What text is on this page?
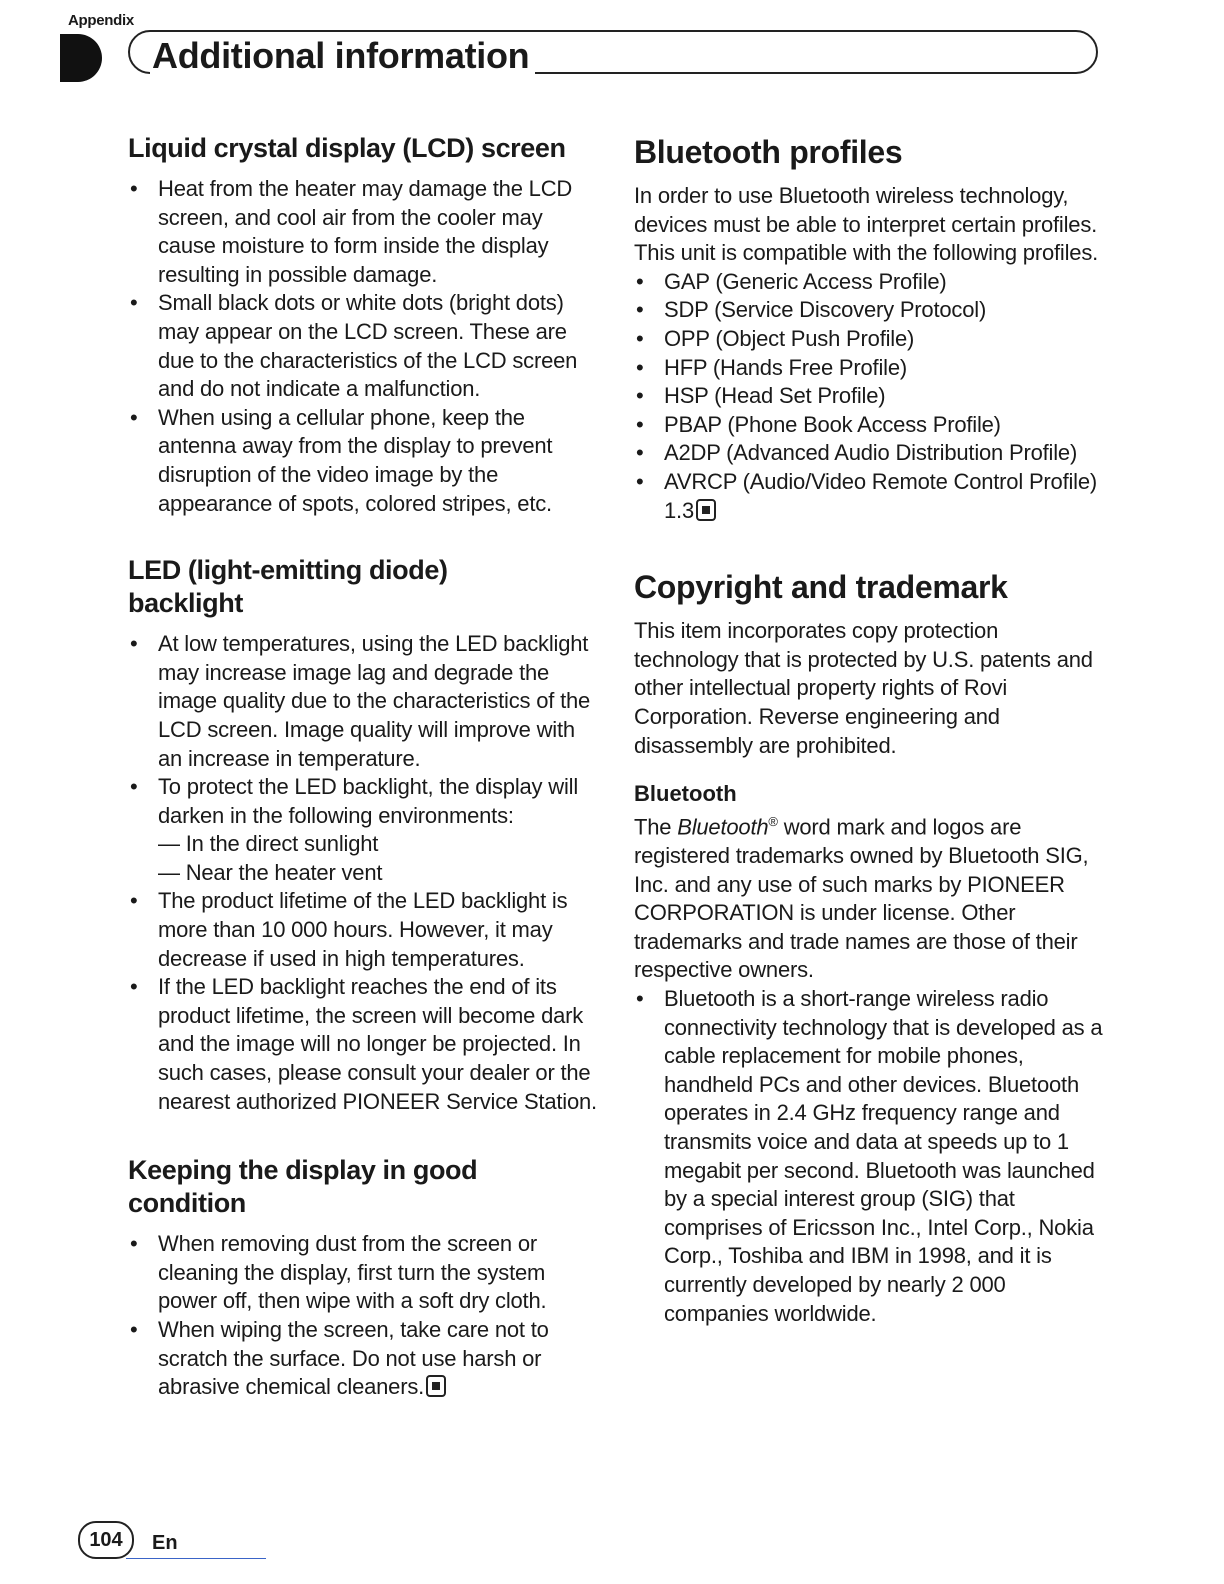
Appendix
Additional information
Liquid crystal display (LCD) screen
• Heat from the heater may damage the LCD screen, and cool air from the cooler may cause moisture to form inside the display resulting in possible damage.
• Small black dots or white dots (bright dots) may appear on the LCD screen. These are due to the characteristics of the LCD screen and do not indicate a malfunction.
• When using a cellular phone, keep the antenna away from the display to prevent disruption of the video image by the appearance of spots, colored stripes, etc.
LED (light-emitting diode) backlight
• At low temperatures, using the LED backlight may increase image lag and degrade the image quality due to the characteristics of the LCD screen. Image quality will improve with an increase in temperature.
• To protect the LED backlight, the display will darken in the following environments:
— In the direct sunlight
— Near the heater vent
• The product lifetime of the LED backlight is more than 10 000 hours. However, it may decrease if used in high temperatures.
• If the LED backlight reaches the end of its product lifetime, the screen will become dark and the image will no longer be projected. In such cases, please consult your dealer or the nearest authorized PIONEER Service Station.
Keeping the display in good condition
• When removing dust from the screen or cleaning the display, first turn the system power off, then wipe with a soft dry cloth.
• When wiping the screen, take care not to scratch the surface. Do not use harsh or abrasive chemical cleaners.
Bluetooth profiles

In order to use Bluetooth wireless technology, devices must be able to interpret certain profiles. This unit is compatible with the following profiles.

• GAP (Generic Access Profile)
• SDP (Service Discovery Protocol)
• OPP (Object Push Profile)
• HFP (Hands Free Profile)
• HSP (Head Set Profile)
• PBAP (Phone Book Access Profile)
• A2DP (Advanced Audio Distribution Profile)
• AVRCP (Audio/Video Remote Control Profile) 1.3
Copyright and trademark

This item incorporates copy protection technology that is protected by U.S. patents and other intellectual property rights of Rovi Corporation. Reverse engineering and disassembly are prohibited.

Bluetooth

The Bluetooth® word mark and logos are registered trademarks owned by Bluetooth SIG, Inc. and any use of such marks by PIONEER CORPORATION is under license. Other trademarks and trade names are those of their respective owners.

• Bluetooth is a short-range wireless radio connectivity technology that is developed as a cable replacement for mobile phones, handheld PCs and other devices. Bluetooth operates in 2.4 GHz frequency range and transmits voice and data at speeds up to 1 megabit per second. Bluetooth was launched by a special interest group (SIG) that comprises of Ericsson Inc., Intel Corp., Nokia Corp., Toshiba and IBM in 1998, and it is currently developed by nearly 2 000 companies worldwide.
104	En
